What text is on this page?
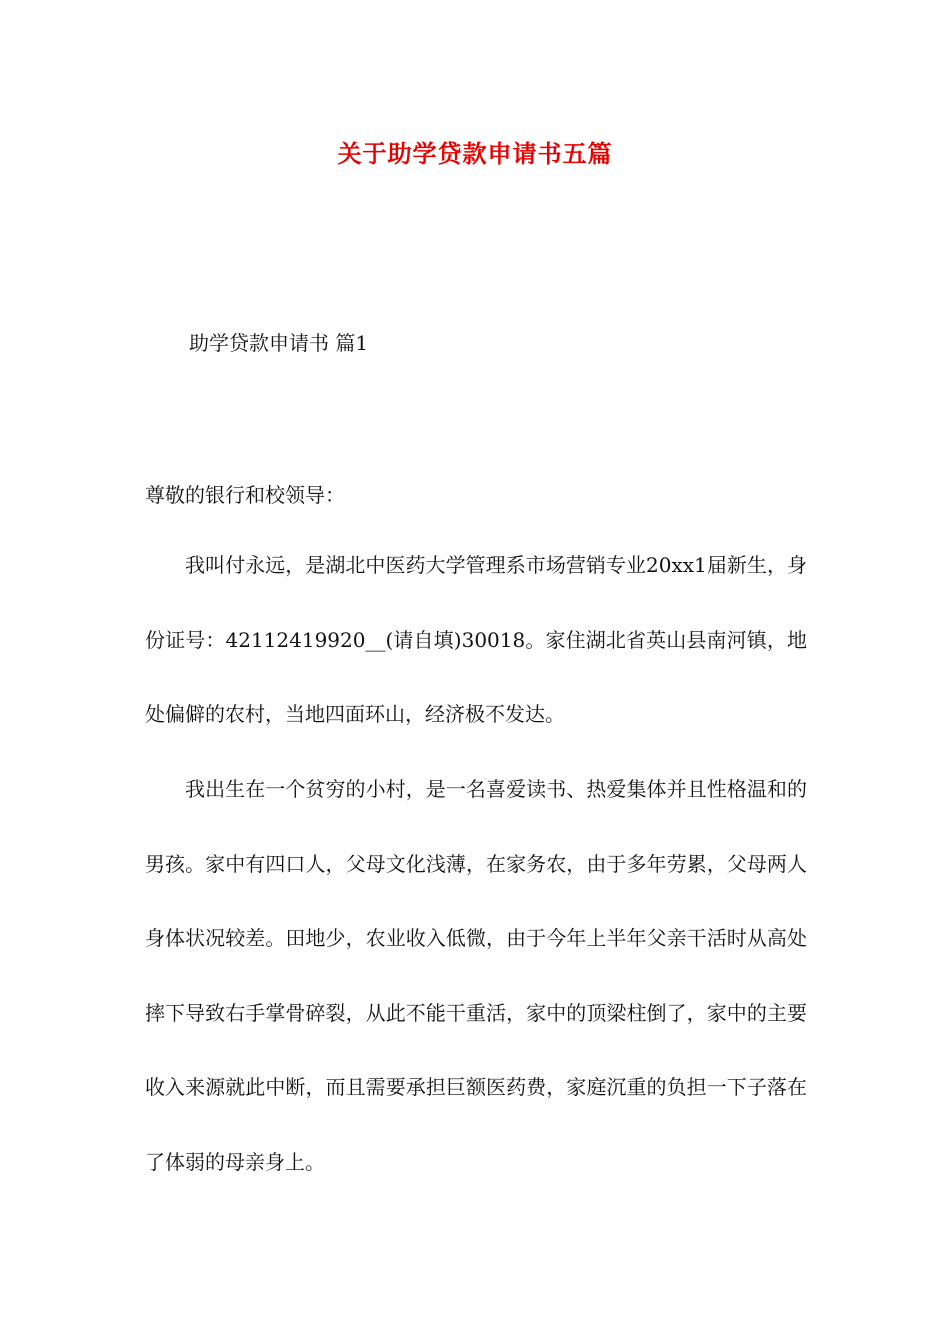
关于助学贷款申请书五篇

助学贷款申请书 篇1

尊敬的银行和校领导：

我叫付永远，是湖北中医药大学管理系市场营销专业20xx1届新生，身份证号：42112419920__(请自填)30018。家住湖北省英山县南河镇，地处偏僻的农村，当地四面环山，经济极不发达。

我出生在一个贫穷的小村，是一名喜爱读书、热爱集体并且性格温和的男孩。家中有四口人，父母文化浅薄，在家务农，由于多年劳累，父母两人身体状况较差。田地少，农业收入低微，由于今年上半年父亲干活时从高处摔下导致右手掌骨碎裂，从此不能干重活，家中的顶梁柱倒了，家中的主要收入来源就此中断，而且需要承担巨额医药费，家庭沉重的负担一下子落在了体弱的母亲身上。
